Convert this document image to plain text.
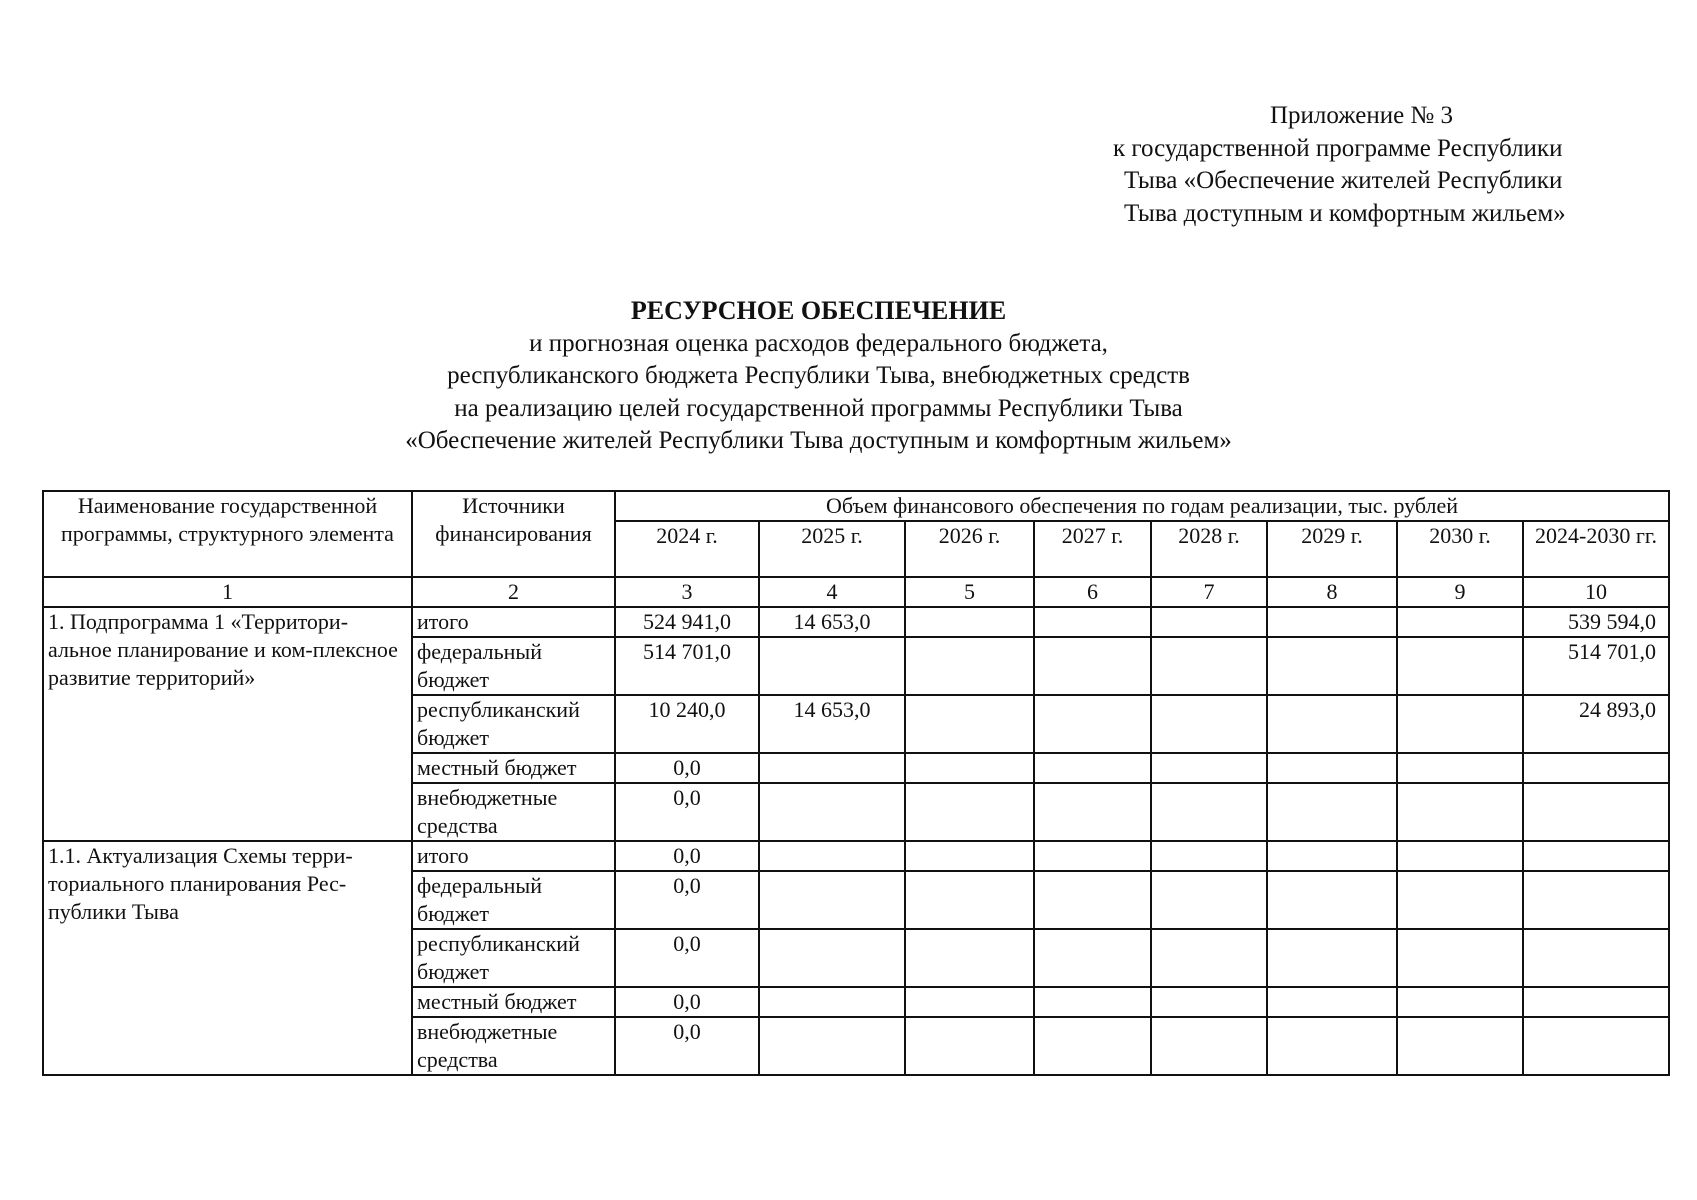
Приложение № 3
к государственной программе Республики
Тыва «Обеспечение жителей Республики
Тыва доступным и комфортным жильем»
РЕСУРСНОЕ ОБЕСПЕЧЕНИЕ
и прогнозная оценка расходов федерального бюджета,
республиканского бюджета Республики Тыва, внебюджетных средств
на реализацию целей государственной программы Республики Тыва
«Обеспечение жителей Республики Тыва доступным и комфортным жильем»
Наименование государственной программы, структурного элемента	Источники финансирования	Объем финансового обеспечения по годам реализации, тыс. рублей							
		2024 г.	2025 г.	2026 г.	2027 г.	2028 г.	2029 г.	2030 г.	2024-2030 гг.
1	2	3	4	5	6	7	8	9	10
1. Подпрограмма 1 «Территори-альное планирование и ком-плексное развитие территорий»	итого	524 941,0	14 653,0						539 594,0
	федеральный бюджет	514 701,0							514 701,0
	республиканский бюджет	10 240,0	14 653,0						24 893,0
	местный бюджет	0,0							
	внебюджетные средства	0,0							
1.1. Актуализация Схемы терри-ториального планирования Рес-публики Тыва	итого	0,0							
	федеральный бюджет	0,0							
	республиканский бюджет	0,0							
	местный бюджет	0,0							
	внебюджетные средства	0,0							
